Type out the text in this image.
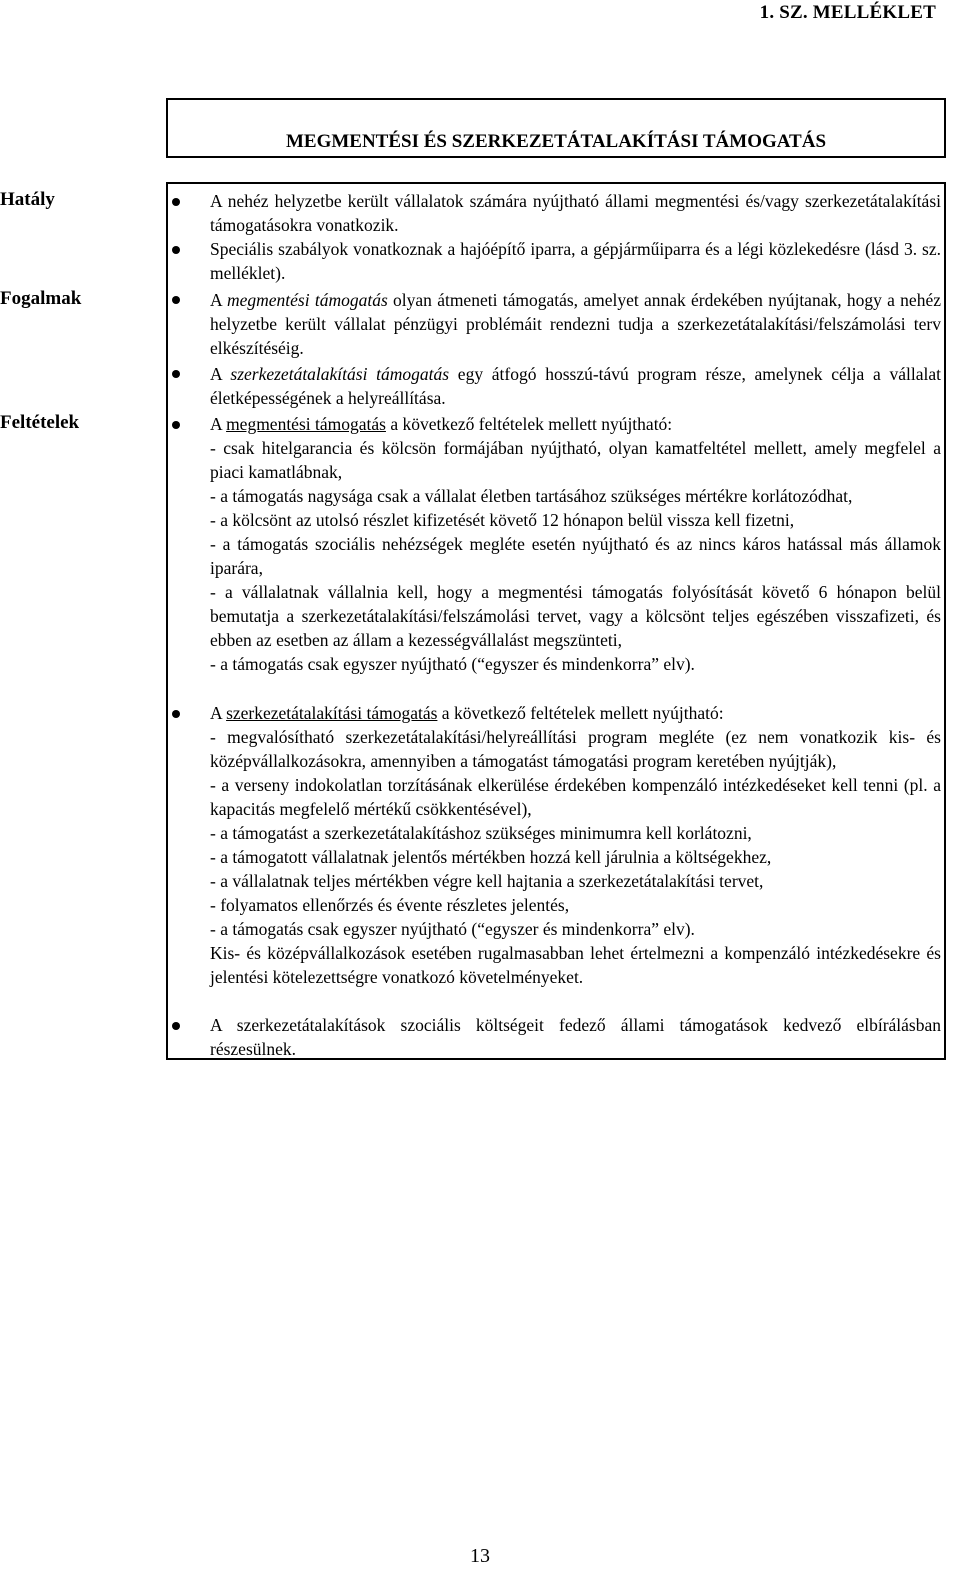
1. SZ. MELLÉKLET
MEGMENTÉSI ÉS SZERKEZETÁTALAKÍTÁSI TÁMOGATÁS
Hatály	A nehéz helyzetbe került vállalatok számára nyújtható állami megmentési és/vagy szerkezetátalakítási támogatásokra vonatkozik.
Speciális szabályok vonatkoznak a hajóépítő iparra, a gépjárműiparra és a légi közlekedésre (lásd 3. sz. melléklet).
Fogalmak	A megmentési támogatás olyan átmeneti támogatás, amelyet annak érdekében nyújtanak, hogy a nehéz helyzetbe került vállalat pénzügyi problémáit rendezni tudja a szerkezetátalakítási/felszámolási terv elkészítéséig.
A szerkezetátalakítási támogatás egy átfogó hosszú-távú program része, amelynek célja a vállalat életképességének a helyreállítása.
Feltételek	A megmentési támogatás a következő feltételek mellett nyújtható:
- csak hitelgarancia és kölcsön formájában nyújtható, olyan kamatfeltétel mellett, amely megfelel a piaci kamatlábnak,
- a támogatás nagysága csak a vállalat életben tartásához szükséges mértékre korlátozódhat,
- a kölcsönt az utolsó részlet kifizetését követő 12 hónapon belül vissza kell fizetni,
- a támogatás szociális nehézségek megléte esetén nyújtható és az nincs káros hatással más államok iparára,
- a vállalatnak vállalnia kell, hogy a megmentési támogatás folyósítását követő 6 hónapon belül bemutatja a szerkezetátalakítási/felszámolási tervet, vagy a kölcsönt teljes egészében visszafizeti, és ebben az esetben az állam a kezességvállalást megszünteti,
- a támogatás csak egyszer nyújtható (“egyszer és mindenkorra” elv).
A szerkezetátalakítási támogatás a következő feltételek mellett nyújtható:
- megvalósítható szerkezetátalakítási/helyreállítási program megléte (ez nem vonatkozik kis- és középvállalkozásokra, amennyiben a támogatást támogatási program keretében nyújtják),
- a verseny indokolatlan torzításának elkerülése érdekében kompenzáló intézkedéseket kell tenni (pl. a kapacitás megfelelő mértékű csökkentésével),
- a támogatást a szerkezetátalakításhoz szükséges minimumra kell korlátozni,
- a támogatott vállalatnak jelentős mértékben hozzá kell járulnia a költségekhez,
- a vállalatnak teljes mértékben végre kell hajtania a szerkezetátalakítási tervet,
- folyamatos ellenőrzés és évente részletes jelentés,
- a támogatás csak egyszer nyújtható (“egyszer és mindenkorra” elv).
Kis- és középvállalkozások esetében rugalmasabban lehet értelmezni a kompenzáló intézkedésekre és jelentési kötelezettségre vonatkozó követelményeket.
A szerkezetátalakítások szociális költségeit fedező állami támogatások kedvező elbírálásban részesülnek.
13
